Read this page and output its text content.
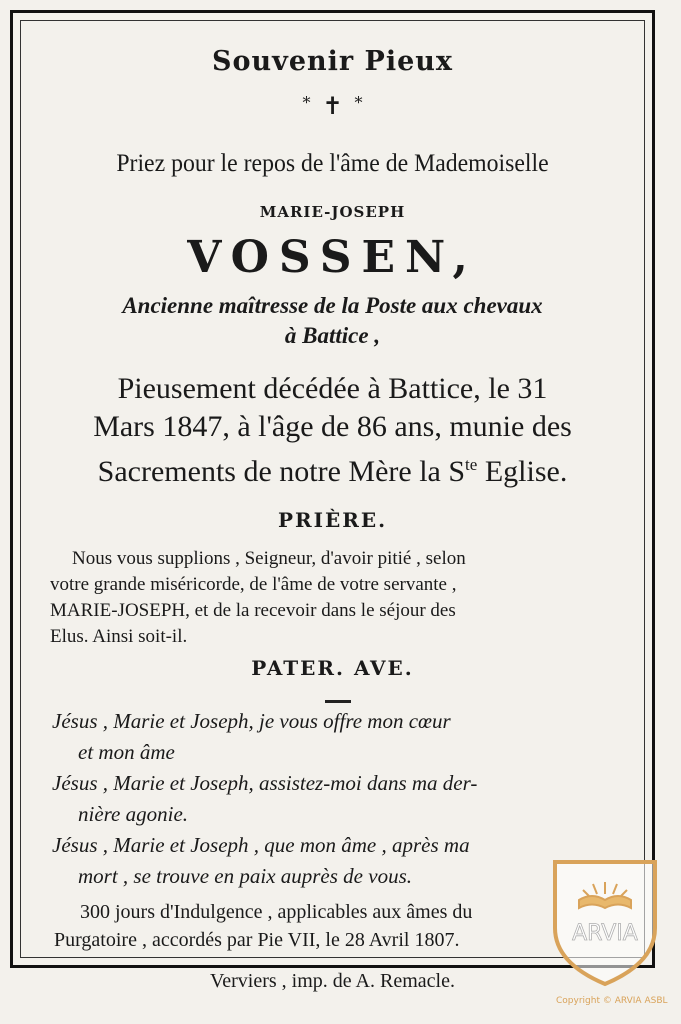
Souvenir Pieux
* ✝ *
Priez pour le repos de l'âme de Mademoiselle
MARIE-JOSEPH
VOSSEN,
Ancienne maîtresse de la Poste aux chevaux
à Battice ,
Pieusement décédée à Battice, le 31
Mars 1847, à l'âge de 86 ans, munie des
Sacrements de notre Mère la $S^{te}$ Eglise.
PRIÈRE.
Nous vous supplions , Seigneur, d'avoir pitié , selon
votre grande miséricorde, de l'âme de votre servante ,
MARIE-JOSEPH, et de la recevoir dans le séjour des
Elus. Ainsi soit-il.
PATER. AVE.
Jésus , Marie et Joseph, je vous offre mon cœur
et mon âme
Jésus , Marie et Joseph, assistez-moi dans ma der-
nière agonie.
Jésus , Marie et Joseph , que mon âme , après ma
mort , se trouve en paix auprès de vous.
300 jours d'Indulgence , applicables aux âmes du
Purgatoire , accordés par Pie VII, le 28 Avril 1807.
Verviers , imp. de A. Remacle.
ARVIA
Copyright © ARVIA ASBL
